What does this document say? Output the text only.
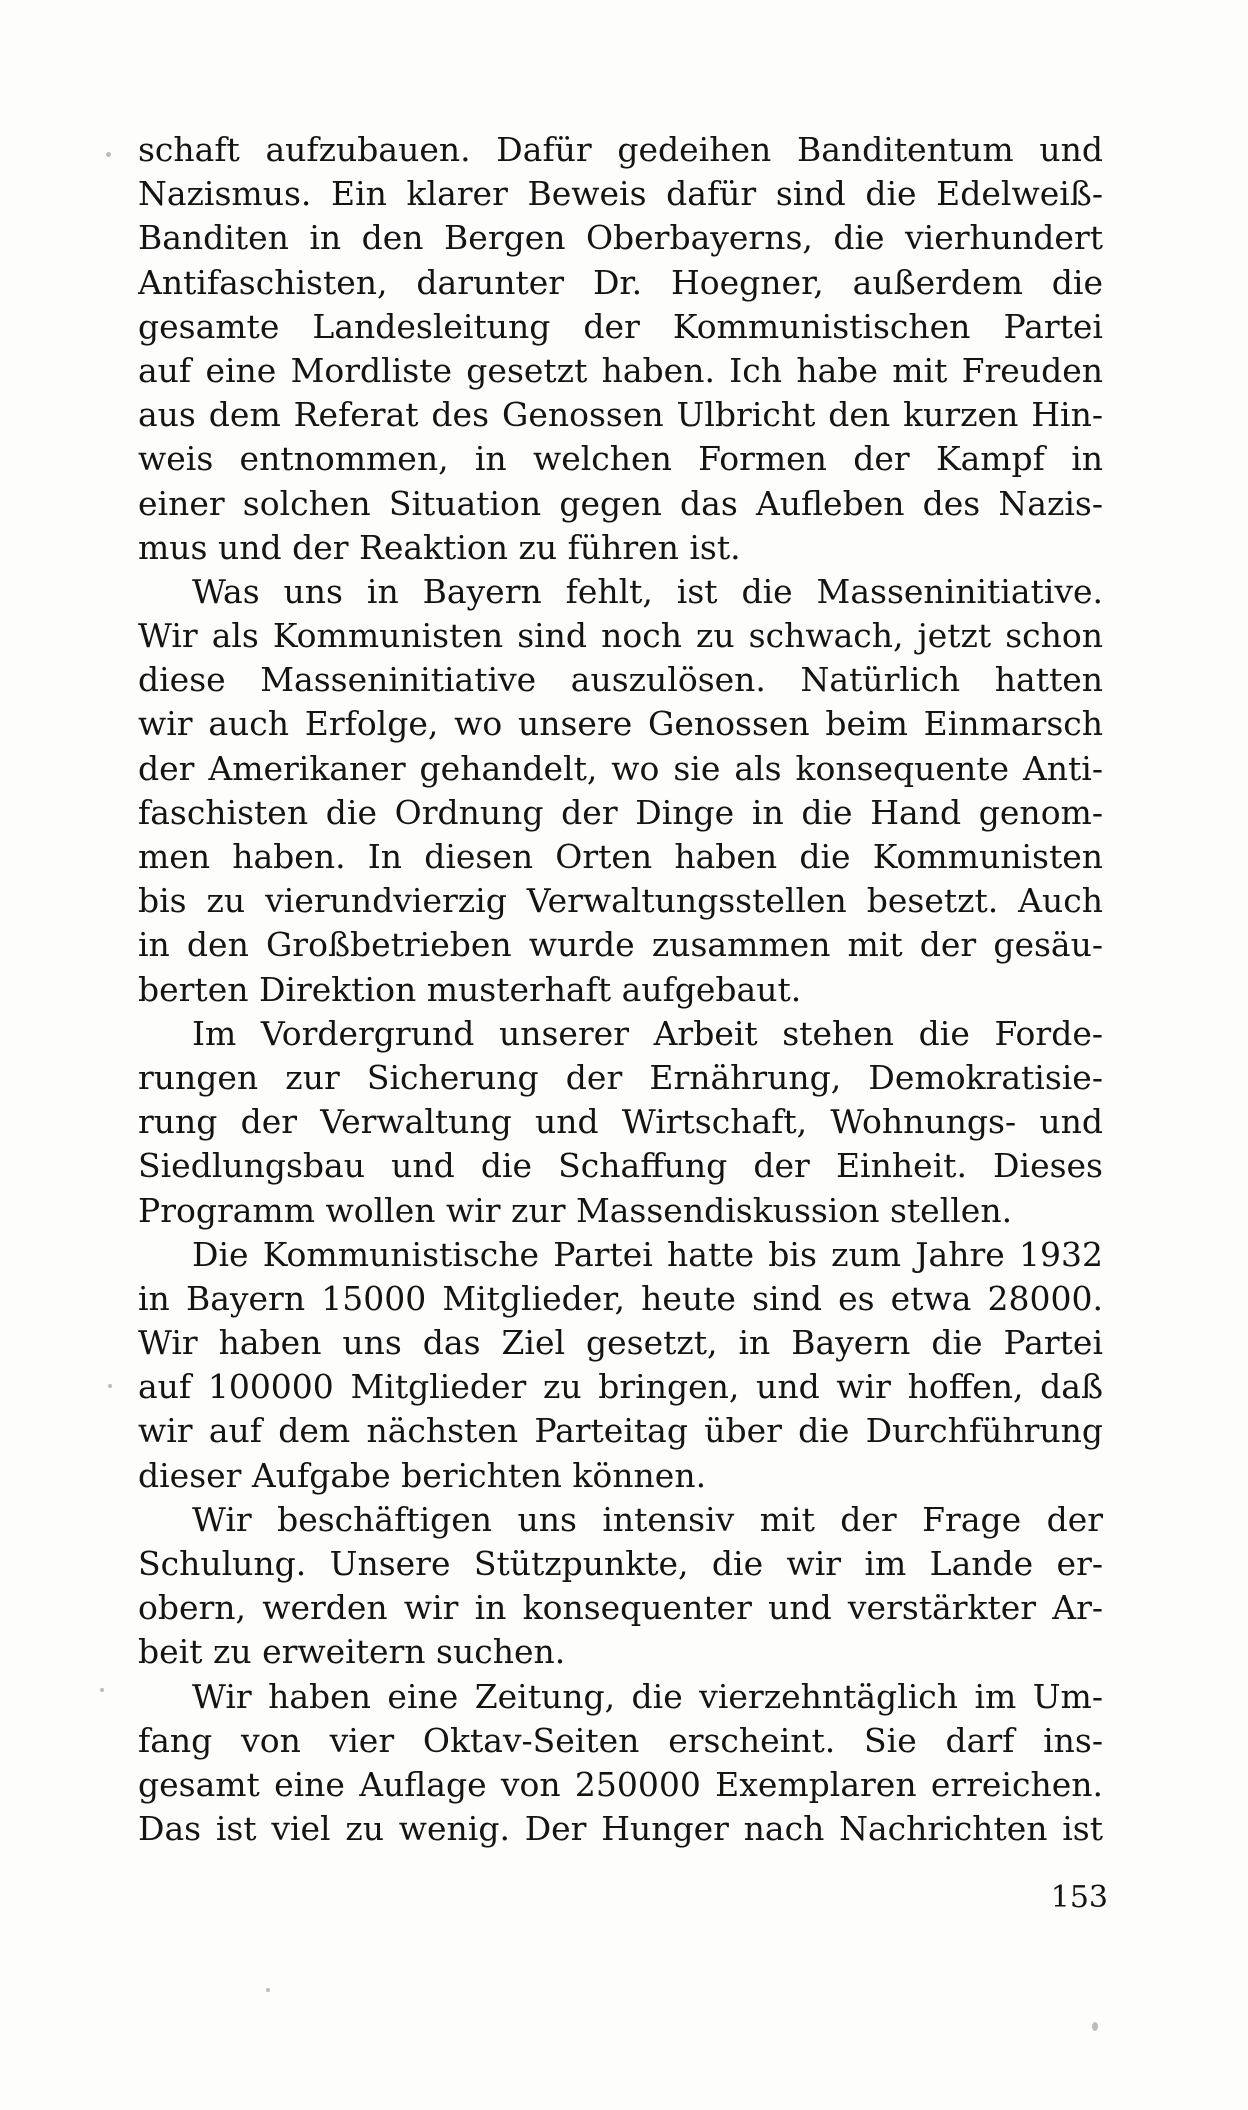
schaft aufzubauen. Dafür gedeihen Banditentum und
Nazismus. Ein klarer Beweis dafür sind die Edelweiß-
Banditen in den Bergen Oberbayerns, die vierhundert
Antifaschisten, darunter Dr. Hoegner, außerdem die
gesamte Landesleitung der Kommunistischen Partei
auf eine Mordliste gesetzt haben. Ich habe mit Freuden
aus dem Referat des Genossen Ulbricht den kurzen Hin-
weis entnommen, in welchen Formen der Kampf in
einer solchen Situation gegen das Aufleben des Nazis-
mus und der Reaktion zu führen ist.
Was uns in Bayern fehlt, ist die Masseninitiative.
Wir als Kommunisten sind noch zu schwach, jetzt schon
diese Masseninitiative auszulösen. Natürlich hatten
wir auch Erfolge, wo unsere Genossen beim Einmarsch
der Amerikaner gehandelt, wo sie als konsequente Anti-
faschisten die Ordnung der Dinge in die Hand genom-
men haben. In diesen Orten haben die Kommunisten
bis zu vierundvierzig Verwaltungsstellen besetzt. Auch
in den Großbetrieben wurde zusammen mit der gesäu-
berten Direktion musterhaft aufgebaut.
Im Vordergrund unserer Arbeit stehen die Forde-
rungen zur Sicherung der Ernährung, Demokratisie-
rung der Verwaltung und Wirtschaft, Wohnungs- und
Siedlungsbau und die Schaffung der Einheit. Dieses
Programm wollen wir zur Massendiskussion stellen.
Die Kommunistische Partei hatte bis zum Jahre 1932
in Bayern 15000 Mitglieder, heute sind es etwa 28000.
Wir haben uns das Ziel gesetzt, in Bayern die Partei
auf 100000 Mitglieder zu bringen, und wir hoffen, daß
wir auf dem nächsten Parteitag über die Durchführung
dieser Aufgabe berichten können.
Wir beschäftigen uns intensiv mit der Frage der
Schulung. Unsere Stützpunkte, die wir im Lande er-
obern, werden wir in konsequenter und verstärkter Ar-
beit zu erweitern suchen.
Wir haben eine Zeitung, die vierzehntäglich im Um-
fang von vier Oktav-Seiten erscheint. Sie darf ins-
gesamt eine Auflage von 250000 Exemplaren erreichen.
Das ist viel zu wenig. Der Hunger nach Nachrichten ist
153
